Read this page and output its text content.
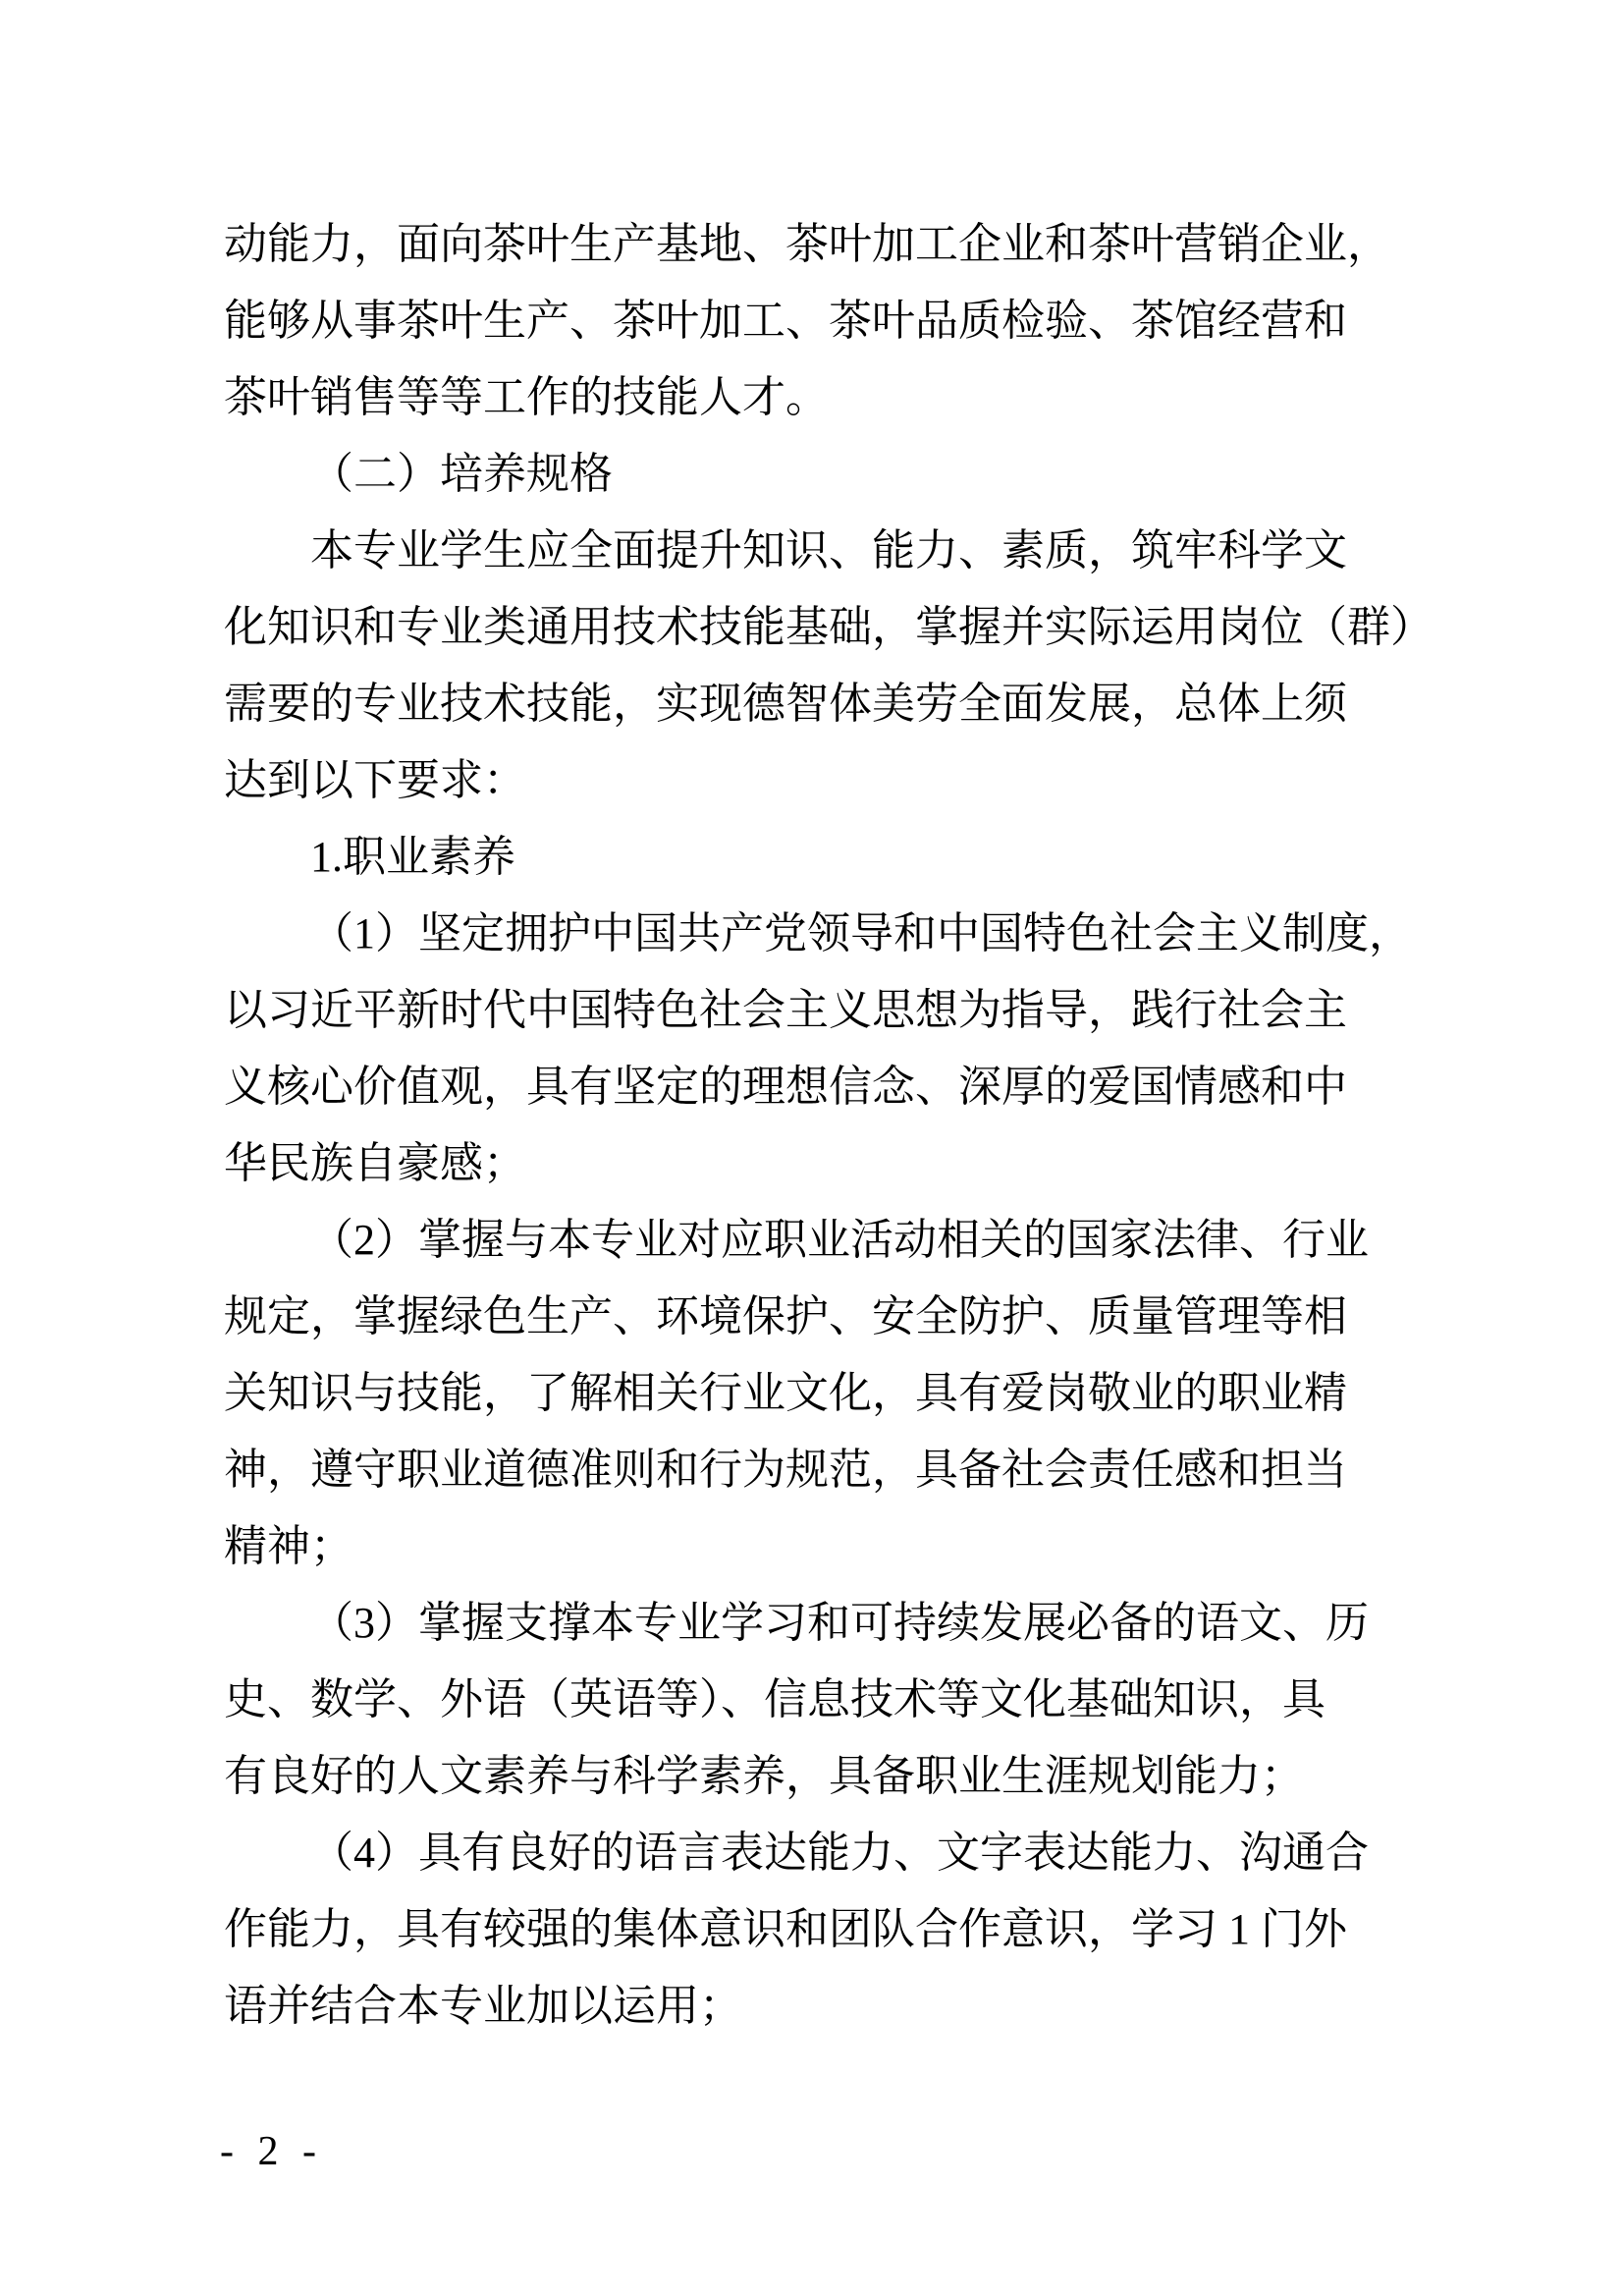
动能力，面向茶叶生产基地、茶叶加工企业和茶叶营销企业，
能够从事茶叶生产、茶叶加工、茶叶品质检验、茶馆经营和
茶叶销售等等工作的技能人才。
（二）培养规格
本专业学生应全面提升知识、能力、素质，筑牢科学文
化知识和专业类通用技术技能基础，掌握并实际运用岗位（群）
需要的专业技术技能，实现德智体美劳全面发展，总体上须
达到以下要求：
1.职业素养
（1）坚定拥护中国共产党领导和中国特色社会主义制度，
以习近平新时代中国特色社会主义思想为指导，践行社会主
义核心价值观，具有坚定的理想信念、深厚的爱国情感和中
华民族自豪感；
（2）掌握与本专业对应职业活动相关的国家法律、行业
规定，掌握绿色生产、环境保护、安全防护、质量管理等相
关知识与技能，了解相关行业文化，具有爱岗敬业的职业精
神，遵守职业道德准则和行为规范，具备社会责任感和担当
精神；
（3）掌握支撑本专业学习和可持续发展必备的语文、历
史、数学、外语（英语等）、信息技术等文化基础知识，具
有良好的人文素养与科学素养，具备职业生涯规划能力；
（4）具有良好的语言表达能力、文字表达能力、沟通合
作能力，具有较强的集体意识和团队合作意识，学习 1 门外
语并结合本专业加以运用；
- 2 -
